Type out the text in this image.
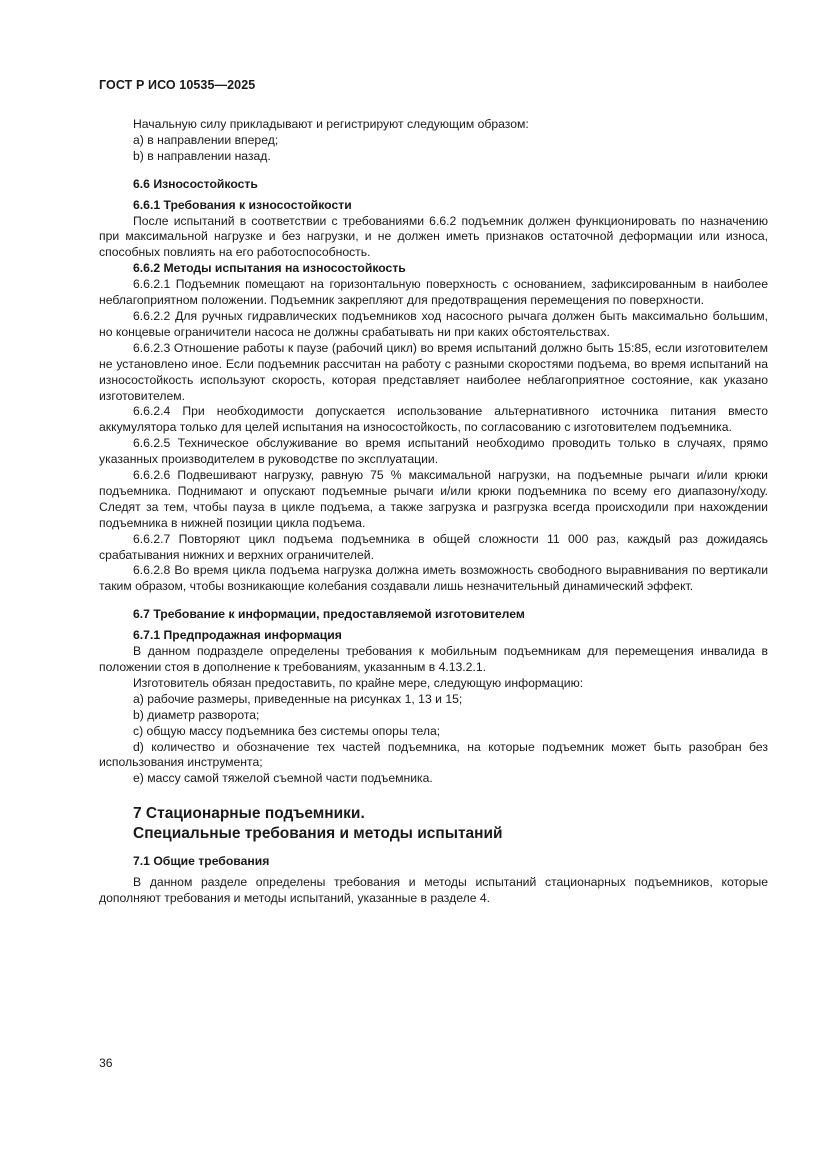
ГОСТ Р ИСО 10535—2025

Начальную силу прикладывают и регистрируют следующим образом:

a) в направлении вперед;

b) в направлении назад.

6.6 Износостойкость

6.6.1 Требования к износостойкости

После испытаний в соответствии с требованиями 6.6.2 подъемник должен функционировать по назначению при максимальной нагрузке и без нагрузки, и не должен иметь признаков остаточной деформации или износа, способных повлиять на его работоспособность.

6.6.2 Методы испытания на износостойкость

6.6.2.1 Подъемник помещают на горизонтальную поверхность с основанием, зафиксированным в наиболее неблагоприятном положении. Подъемник закрепляют для предотвращения перемещения по поверхности.

6.6.2.2 Для ручных гидравлических подъемников ход насосного рычага должен быть максимально большим, но концевые ограничители насоса не должны срабатывать ни при каких обстоятельствах.

6.6.2.3 Отношение работы к паузе (рабочий цикл) во время испытаний должно быть 15:85, если изготовителем не установлено иное. Если подъемник рассчитан на работу с разными скоростями подъема, во время испытаний на износостойкость используют скорость, которая представляет наиболее неблагоприятное состояние, как указано изготовителем.

6.6.2.4 При необходимости допускается использование альтернативного источника питания вместо аккумулятора только для целей испытания на износостойкость, по согласованию с изготовителем подъемника.

6.6.2.5 Техническое обслуживание во время испытаний необходимо проводить только в случаях, прямо указанных производителем в руководстве по эксплуатации.

6.6.2.6 Подвешивают нагрузку, равную 75 % максимальной нагрузки, на подъемные рычаги и/или крюки подъемника. Поднимают и опускают подъемные рычаги и/или крюки подъемника по всему его диапазону/ходу. Следят за тем, чтобы пауза в цикле подъема, а также загрузка и разгрузка всегда происходили при нахождении подъемника в нижней позиции цикла подъема.

6.6.2.7 Повторяют цикл подъема подъемника в общей сложности 11 000 раз, каждый раз дожидаясь срабатывания нижних и верхних ограничителей.

6.6.2.8 Во время цикла подъема нагрузка должна иметь возможность свободного выравнивания по вертикали таким образом, чтобы возникающие колебания создавали лишь незначительный динамический эффект.

6.7 Требование к информации, предоставляемой изготовителем

6.7.1 Предпродажная информация

В данном подразделе определены требования к мобильным подъемникам для перемещения инвалида в положении стоя в дополнение к требованиям, указанным в 4.13.2.1.

Изготовитель обязан предоставить, по крайне мере, следующую информацию:

a) рабочие размеры, приведенные на рисунках 1, 13 и 15;

b) диаметр разворота;

c) общую массу подъемника без системы опоры тела;

d) количество и обозначение тех частей подъемника, на которые подъемник может быть разобран без использования инструмента;

e) массу самой тяжелой съемной части подъемника.

7 Стационарные подъемники.
Специальные требования и методы испытаний

7.1 Общие требования

В данном разделе определены требования и методы испытаний стационарных подъемников, которые дополняют требования и методы испытаний, указанные в разделе 4.

36
